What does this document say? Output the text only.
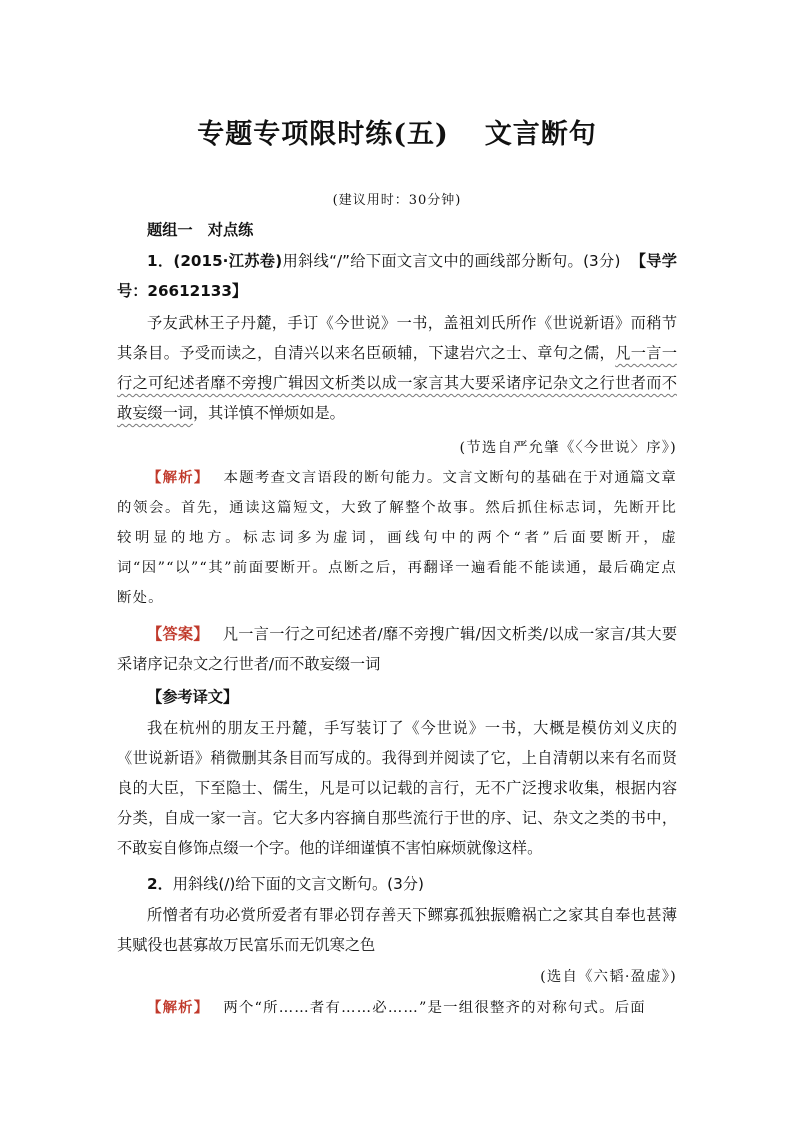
专题专项限时练(五) 文言断句
(建议用时：30分钟)
题组一　对点练
1．(2015·江苏卷)用斜线“/”给下面文言文中的画线部分断句。(3分) 【导学号：26612133】
予友武林王子丹麓，手订《今世说》一书，盖祖刘氏所作《世说新语》而稍节其条目。予受而读之，自清兴以来名臣硕辅，下逮岩穴之士、章句之儒，凡一言一行之可纪述者靡不旁搜广辑因文析类以成一家言其大要采诸序记杂文之行世者而不敢妄缀一词，其详慎不惮烦如是。
(节选自严允肇《〈今世说〉序》)
【解析】 本题考查文言语段的断句能力。文言文断句的基础在于对通篇文章的领会。首先，通读这篇短文，大致了解整个故事。然后抓住标志词，先断开比较明显的地方。标志词多为虚词，画线句中的两个“者”后面要断开，虚词“因”“以”“其”前面要断开。点断之后，再翻译一遍看能不能读通，最后确定点断处。
【答案】 凡一言一行之可纪述者/靡不旁搜广辑/因文析类/以成一家言/其大要采诸序记杂文之行世者/而不敢妄缀一词
【参考译文】
我在杭州的朋友王丹麓，手写装订了《今世说》一书，大概是模仿刘义庆的《世说新语》稍微删其条目而写成的。我得到并阅读了它，上自清朝以来有名而贤良的大臣，下至隐士、儒生，凡是可以记载的言行，无不广泛搜求收集，根据内容分类，自成一家一言。它大多内容摘自那些流行于世的序、记、杂文之类的书中，不敢妄自修饰点缀一个字。他的详细谨慎不害怕麻烦就像这样。
2．用斜线(/)给下面的文言文断句。(3分)
所憎者有功必赏所爱者有罪必罚存善天下鳏寡孤独振赡祸亡之家其自奉也甚薄其赋役也甚寡故万民富乐而无饥寒之色
(选自《六韬·盈虚》)
【解析】 两个“所……者有……必……”是一组很整齐的对称句式。后面
